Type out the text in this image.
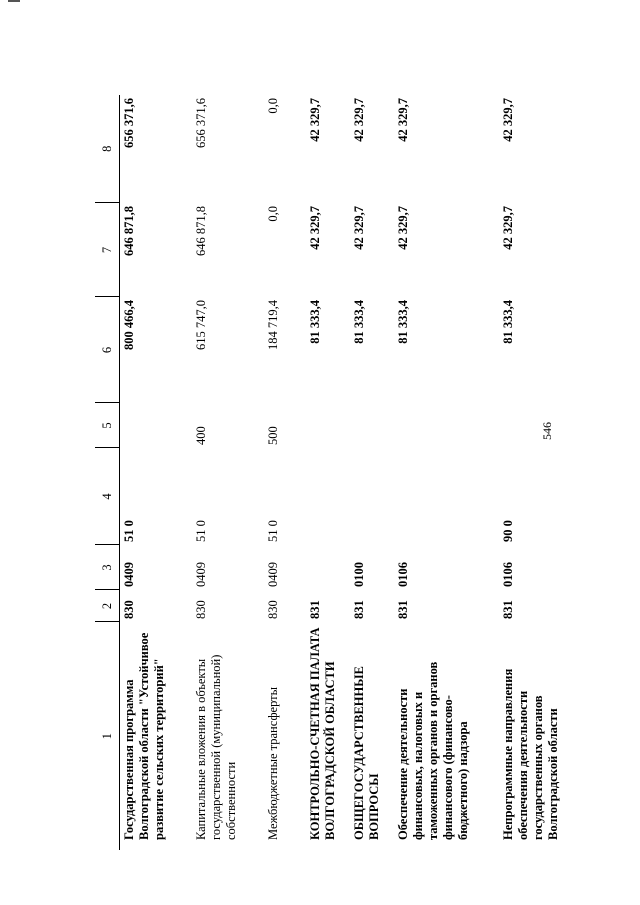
546
1	2	3	4	5	6	7	8
Государственная программа Волгоградской области "Устойчивое развитие сельских территорий"	830	0409	51 0		800 466,4	646 871,8	656 371,6
Капитальные вложения в объекты государственной (муниципальной) собственности	830	0409	51 0	400	615 747,0	646 871,8	656 371,6
Межбюджетные трансферты	830	0409	51 0	500	184 719,4	0,0	0,0
КОНТРОЛЬНО-СЧЕТНАЯ ПАЛАТА ВОЛГОГРАДСКОЙ ОБЛАСТИ	831				81 333,4	42 329,7	42 329,7
ОБЩЕГОСУДАРСТВЕННЫЕ ВОПРОСЫ	831	0100			81 333,4	42 329,7	42 329,7
Обеспечение деятельности финансовых, налоговых и таможенных органов и органов финансового (финансово-бюджетного) надзора	831	0106			81 333,4	42 329,7	42 329,7
Непрограммные направления обеспечения деятельности государственных органов Волгоградской области	831	0106	90 0		81 333,4	42 329,7	42 329,7
